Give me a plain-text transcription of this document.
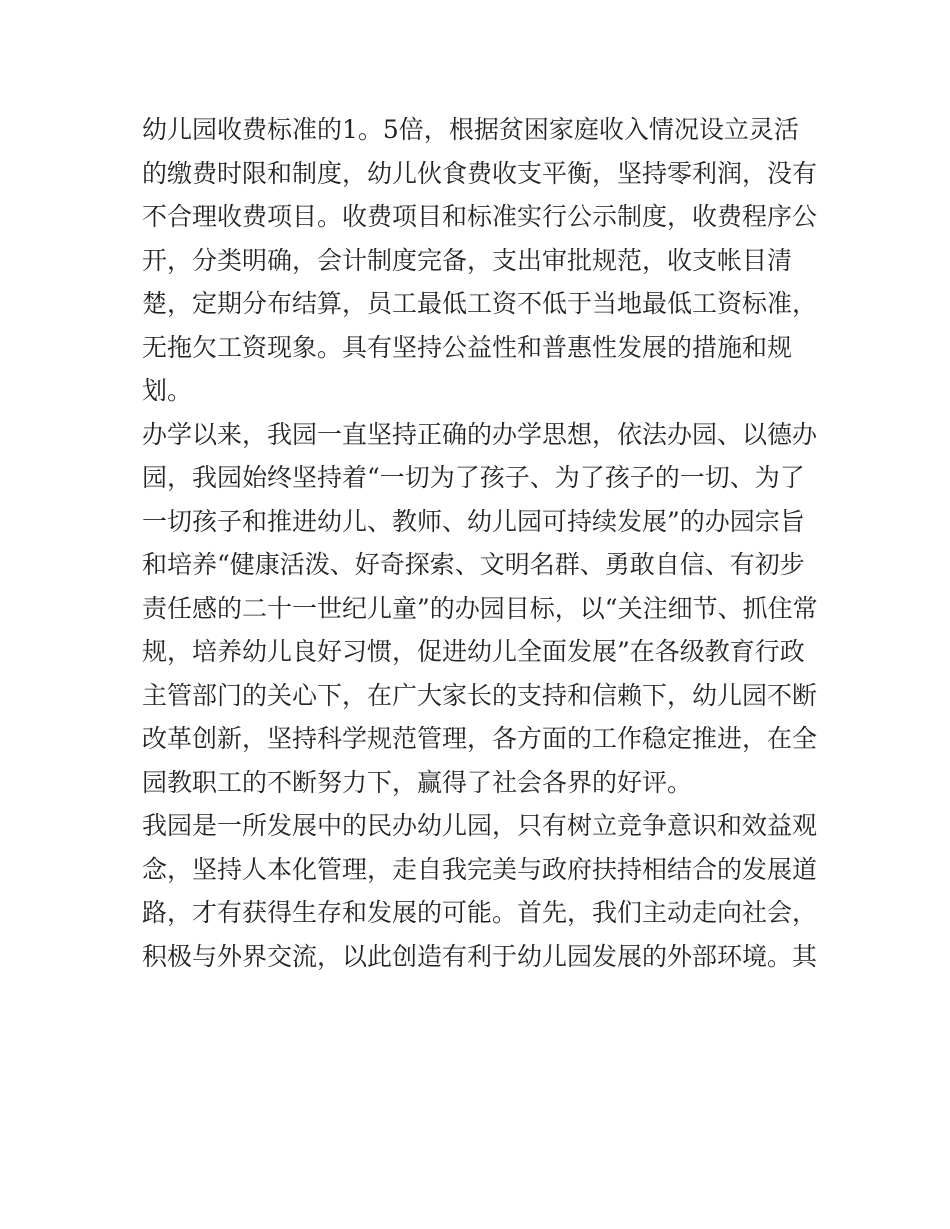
幼儿园收费标准的1。5倍，根据贫困家庭收入情况设立灵活
的缴费时限和制度，幼儿伙食费收支平衡，坚持零利润，没有
不合理收费项目。收费项目和标准实行公示制度，收费程序公
开，分类明确，会计制度完备，支出审批规范，收支帐目清
楚，定期分布结算，员工最低工资不低于当地最低工资标准，
无拖欠工资现象。具有坚持公益性和普惠性发展的措施和规
划。

办学以来，我园一直坚持正确的办学思想，依法办园、以德办
园，我园始终坚持着“一切为了孩子、为了孩子的一切、为了
一切孩子和推进幼儿、教师、幼儿园可持续发展”的办园宗旨
和培养“健康活泼、好奇探索、文明名群、勇敢自信、有初步
责任感的二十一世纪儿童”的办园目标，以“关注细节、抓住常
规，培养幼儿良好习惯，促进幼儿全面发展”在各级教育行政
主管部门的关心下，在广大家长的支持和信赖下，幼儿园不断
改革创新，坚持科学规范管理，各方面的工作稳定推进，在全
园教职工的不断努力下，赢得了社会各界的好评。

我园是一所发展中的民办幼儿园，只有树立竞争意识和效益观
念，坚持人本化管理，走自我完美与政府扶持相结合的发展道
路，才有获得生存和发展的可能。首先，我们主动走向社会，
积极与外界交流，以此创造有利于幼儿园发展的外部环境。其
